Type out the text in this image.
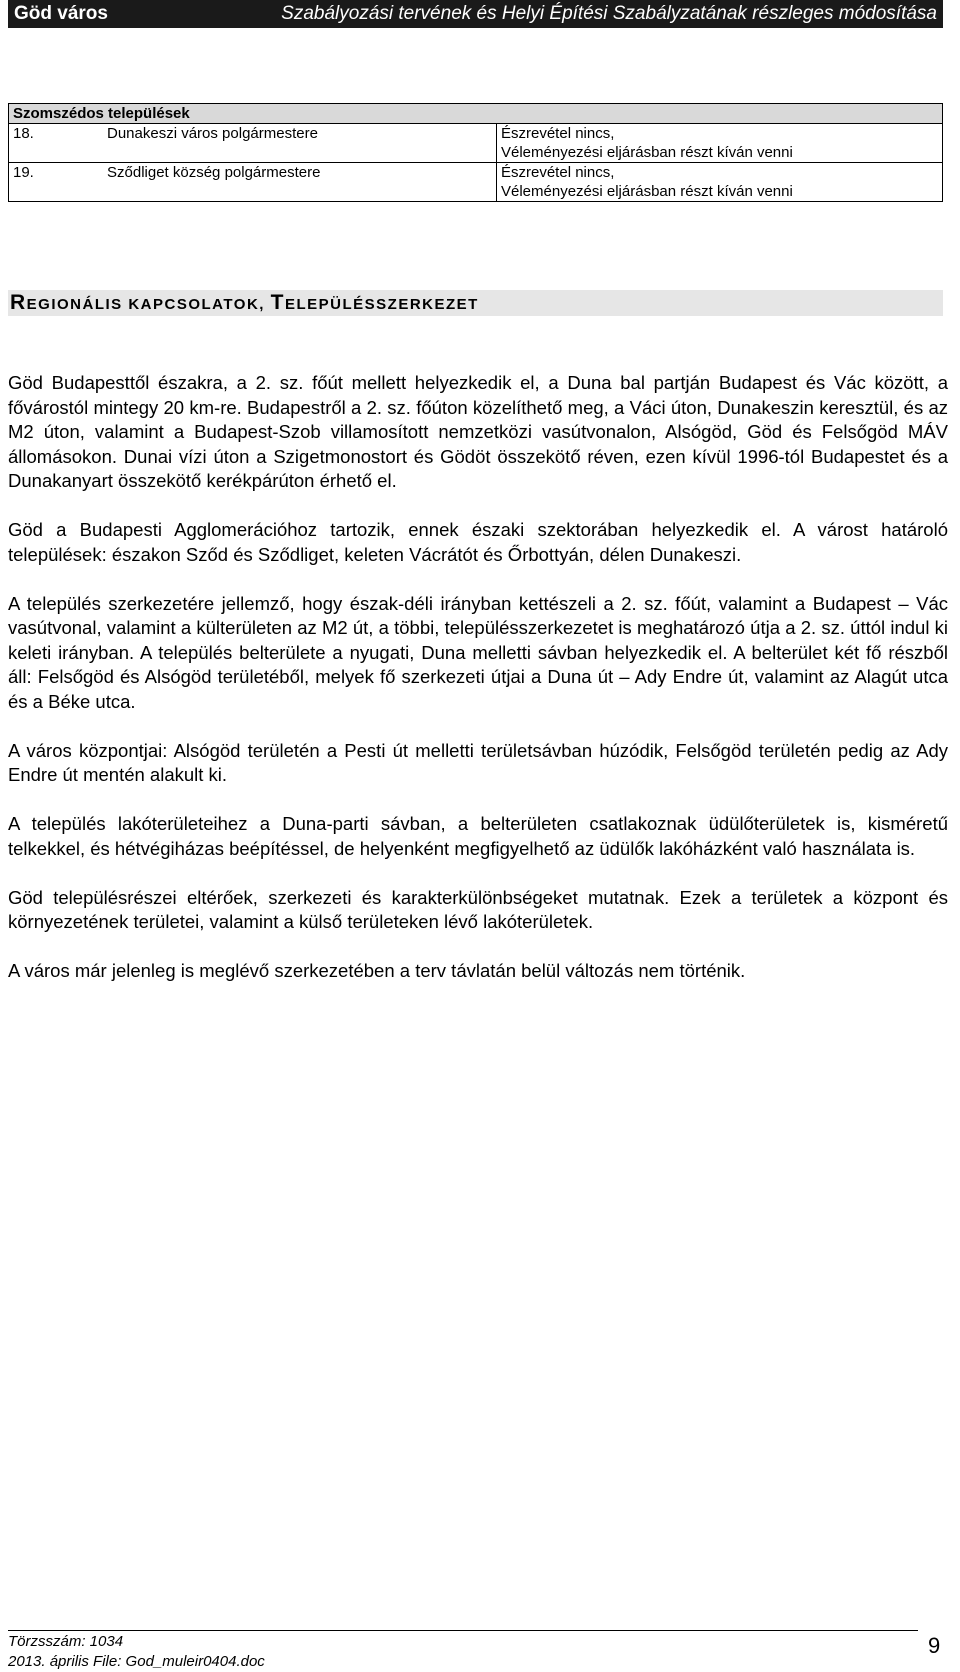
Göd város	Szabályozási tervének és Helyi Építési Szabályzatának részleges módosítása
Szomszédos települések		
18.	Dunakeszi város polgármestere	Észrevétel nincs,
Véleményezési eljárásban részt kíván venni

19.	Sződliget község polgármestere	Észrevétel nincs,
Véleményezési eljárásban részt kíván venni
REGIONÁLIS KAPCSOLATOK, TELEPÜLÉSSZERKEZET

Göd Budapesttől északra, a 2. sz. főút mellett helyezkedik el, a Duna bal partján Budapest és Vác között, a fővárostól mintegy 20 km-re. Budapestről a 2. sz. főúton közelíthető meg, a Váci úton, Dunakeszin keresztül, és az M2 úton, valamint a Budapest-Szob villamosított nemzetközi vasútvonalon, Alsógöd, Göd és Felsőgöd MÁV állomásokon. Dunai vízi úton a Szigetmonostort és Gödöt összekötő réven, ezen kívül 1996-tól Budapestet és a Dunakanyart összekötő kerékpárúton érhető el.

Göd a Budapesti Agglomerációhoz tartozik, ennek északi szektorában helyezkedik el. A várost határoló települések: északon Sződ és Sződliget, keleten Vácrátót és Őrbottyán, délen Dunakeszi.

A település szerkezetére jellemző, hogy észak-déli irányban kettészeli a 2. sz. főút, valamint a Budapest – Vác vasútvonal, valamint a külterületen az M2 út, a többi, településszerkezetet is meghatározó útja a 2. sz. úttól indul ki keleti irányban. A település belterülete a nyugati, Duna melletti sávban helyezkedik el. A belterület két fő részből áll: Felsőgöd és Alsógöd területéből, melyek fő szerkezeti útjai a Duna út – Ady Endre út, valamint az Alagút utca és a Béke utca.

A város központjai: Alsógöd területén a Pesti út melletti területsávban húzódik, Felsőgöd területén pedig az Ady Endre út mentén alakult ki.

A település lakóterületeihez a Duna-parti sávban, a belterületen csatlakoznak üdülőterületek is, kisméretű telkekkel, és hétvégiházas beépítéssel, de helyenként megfigyelhető az üdülők lakóházként való használata is.

Göd településrészei eltérőek, szerkezeti és karakterkülönbségeket mutatnak. Ezek a területek a központ és környezetének területei, valamint a külső területeken lévő lakóterületek.

A város már jelenleg is meglévő szerkezetében a terv távlatán belül változás nem történik.

Törzsszám: 1034
2013. április File: God_muleir0404.doc
9
